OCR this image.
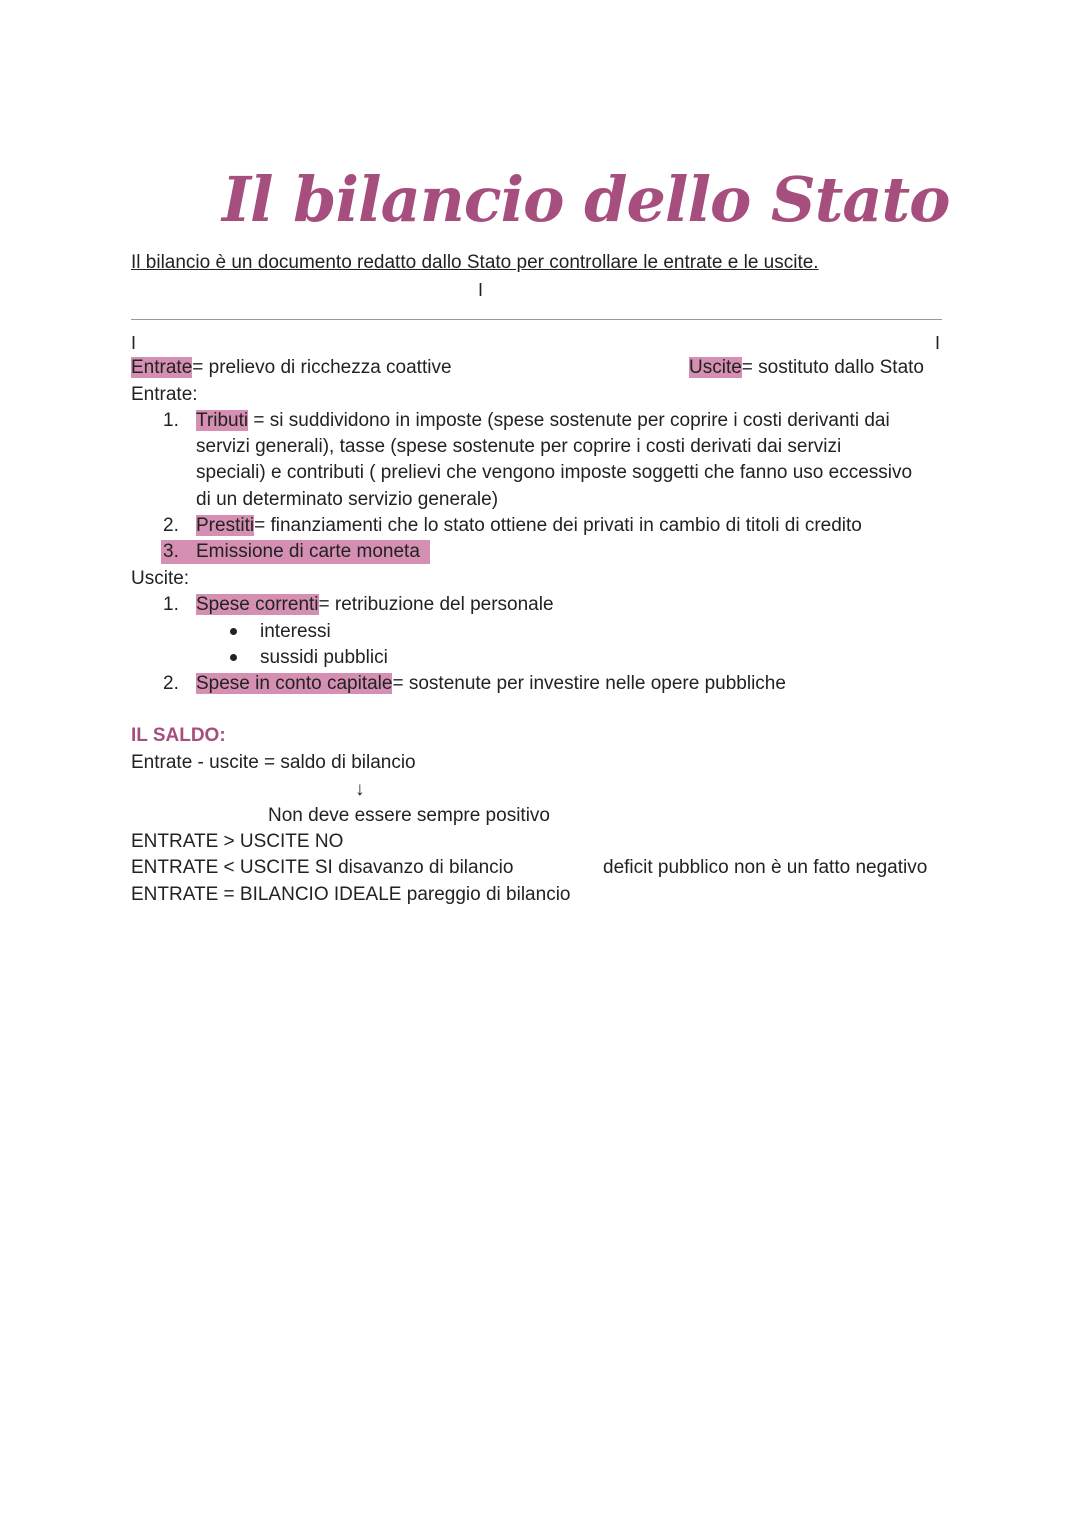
Il bilancio dello Stato
Il bilancio è un documento redatto dallo Stato per controllare le entrate e le uscite.
I
I	I
Entrate= prelievo di ricchezza coattive	Uscite= sostituto dallo Stato
Entrate:
1. Tributi = si suddividono in imposte (spese sostenute per coprire i costi derivanti dai
servizi generali), tasse (spese sostenute per coprire i costi derivati dai servizi
speciali) e contributi ( prelievi che vengono imposte soggetti che fanno uso eccessivo
di un determinato servizio generale)
2. Prestiti= finanziamenti che lo stato ottiene dei privati in cambio di titoli di credito
3. Emissione di carte moneta
Uscite:
1. Spese correnti= retribuzione del personale
interessi
sussidi pubblici
2. Spese in conto capitale= sostenute per investire nelle opere pubbliche
IL SALDO:
Entrate - uscite = saldo di bilancio
↓
Non deve essere sempre positivo
ENTRATE > USCITE NO
ENTRATE < USCITE SI disavanzo di bilancio	deficit pubblico non è un fatto negativo
ENTRATE = BILANCIO IDEALE pareggio di bilancio
